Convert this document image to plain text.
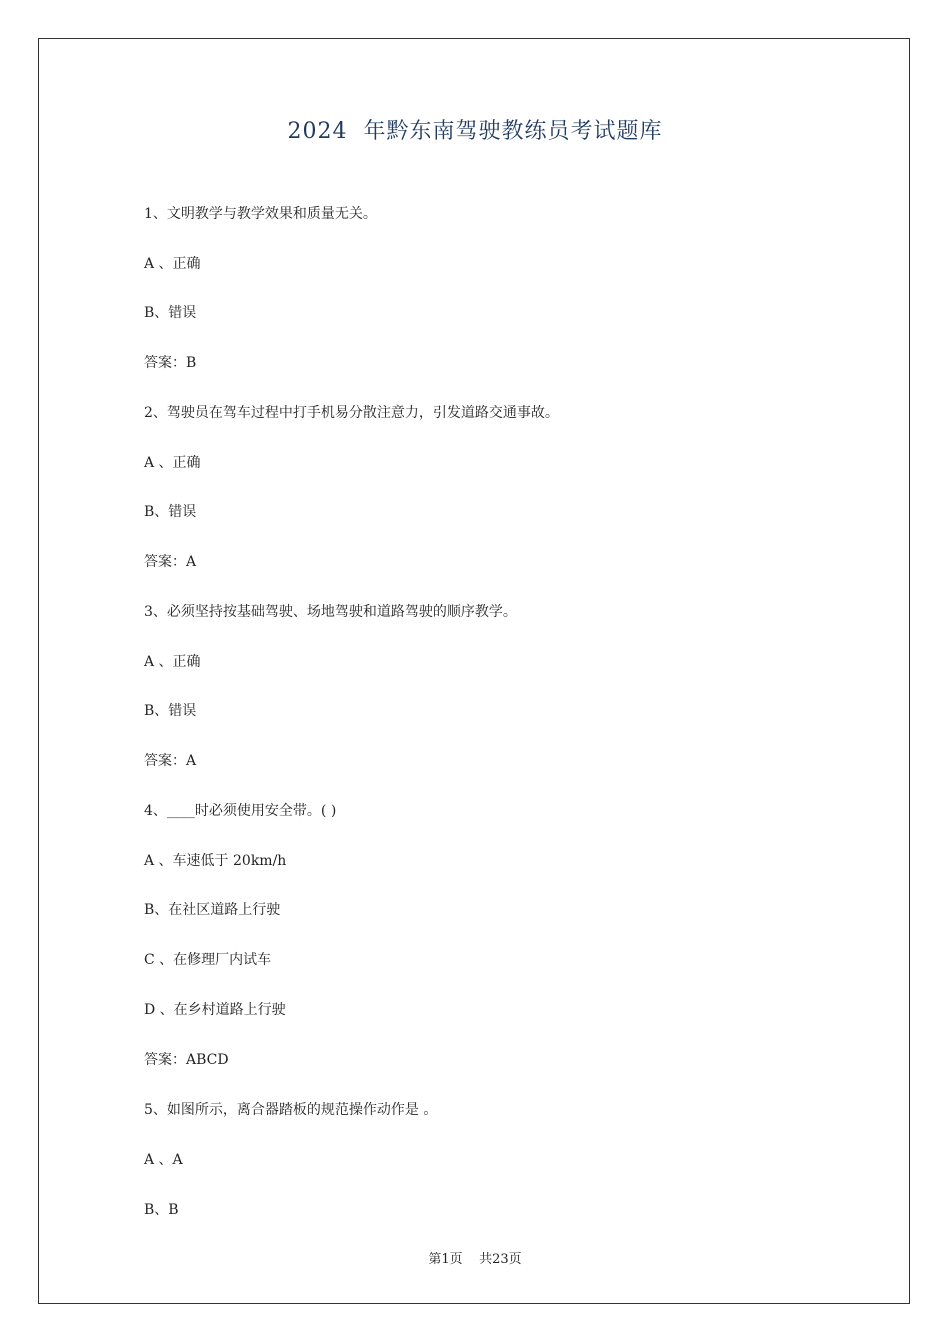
2024  年黔东南驾驶教练员考试题库
1、文明教学与教学效果和质量无关。
A 、正确
B、错误
答案：B
2、驾驶员在驾车过程中打手机易分散注意力，引发道路交通事故。
A 、正确
B、错误
答案：A
3、必须坚持按基础驾驶、场地驾驶和道路驾驶的顺序教学。
A 、正确
B、错误
答案：A
4、____时必须使用安全带。( )
A 、车速低于 20km/h
B、在社区道路上行驶
C 、在修理厂内试车
D 、在乡村道路上行驶
答案：ABCD
5、如图所示，离合器踏板的规范操作动作是 。
A 、A
B、B
第1页    共23页
